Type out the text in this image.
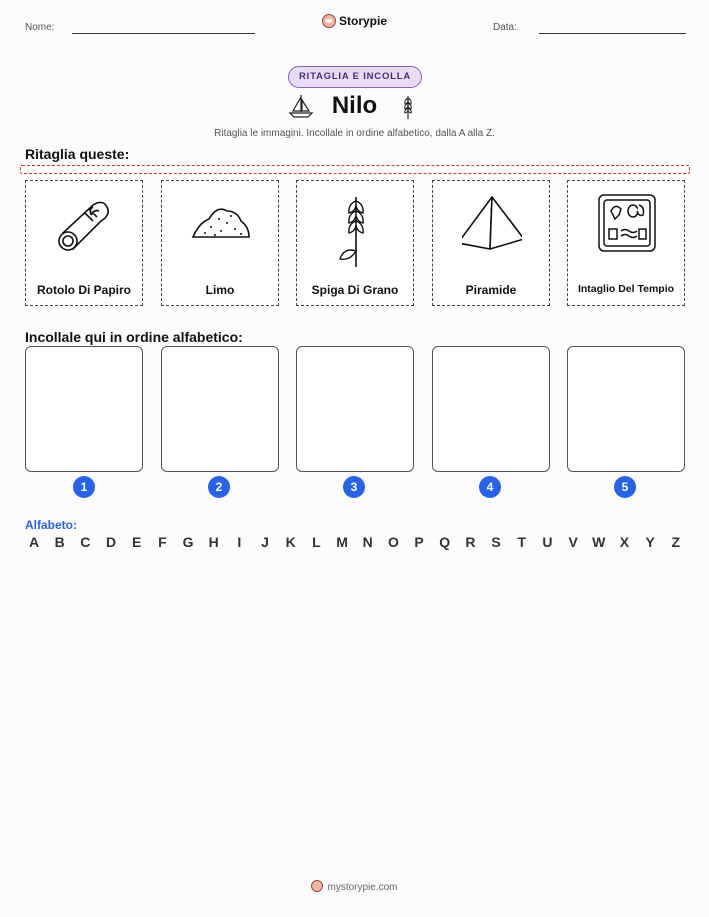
Nome:	Storypie	Data:
RITAGLIA E INCOLLA
Nilo
Ritaglia le immagini. Incollale in ordine alfabetico, dalla A alla Z.
Ritaglia queste:
Rotolo Di Papiro	Limo	Spiga Di Grano	Piramide	Intaglio Del Tempio
Incollale qui in ordine alfabetico:
1	2	3	4	5
Alfabeto:
A B C D	E	F	G H	I	J	K	L	M N O	P	Q R	S	T	U	V	W	X	Y	Z
mystorypie.com
